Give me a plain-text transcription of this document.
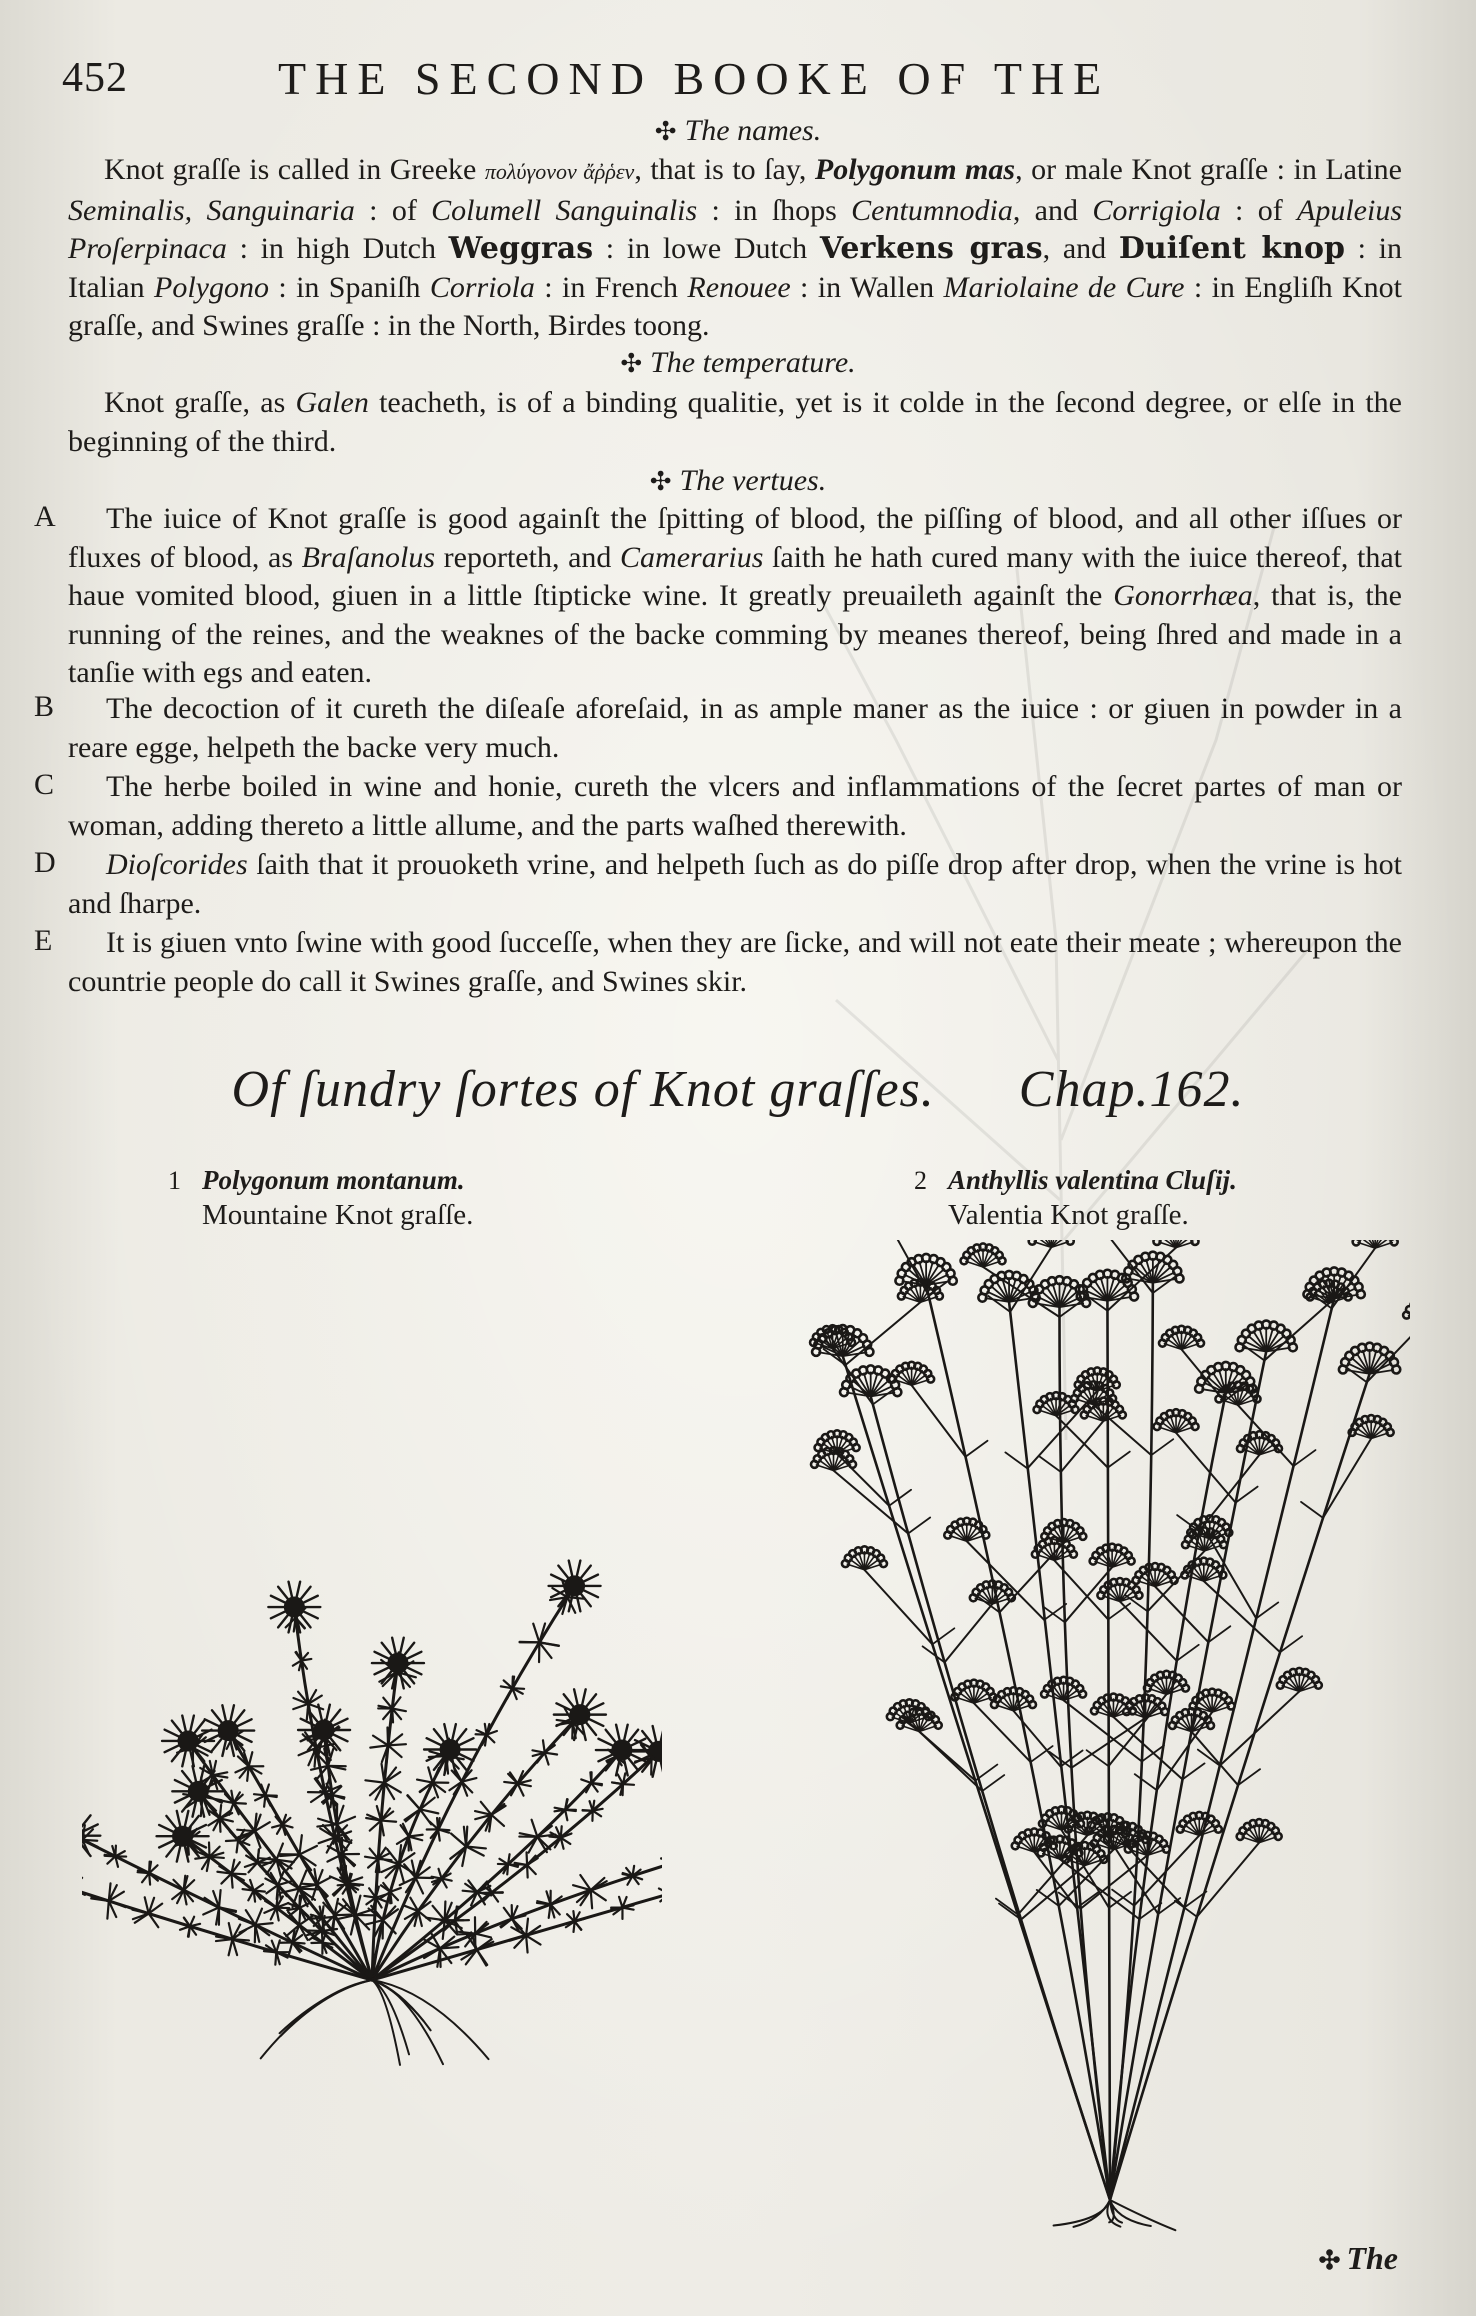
452	THE SECOND BOOKE OF THE
✣ The names.
Knot graſſe is called in Greeke πολύγονον ἄῤῥεν, that is to ſay, Polygonum mas, or male Knot graſſe : in Latine Seminalis, Sanguinaria : of Columell Sanguinalis : in ſhops Centumnodia, and Corrigiola : of Apuleius Proſerpinaca : in high Dutch Weggras : in lowe Dutch Verkens gras, and Duiſent knop : in Italian Polygono : in Spaniſh Corriola : in French Renouee : in Wallen Mariolaine de Cure : in Engliſh Knot graſſe, and Swines graſſe : in the North, Birdes toong.
✣ The temperature.
Knot graſſe, as Galen teacheth, is of a binding qualitie, yet is it colde in the ſecond degree, or elſe in the beginning of the third.
✣ The vertues.
A	The iuice of Knot graſſe is good againſt the ſpitting of blood, the piſſing of blood, and all other iſſues or fluxes of blood, as Braſanolus reporteth, and Camerarius ſaith he hath cured many with the iuice thereof, that haue vomited blood, giuen in a little ſtipticke wine. It greatly preuaileth againſt the Gonorrhæa, that is, the running of the reines, and the weaknes of the backe comming by meanes thereof, being ſhred and made in a tanſie with egs and eaten.
B	The decoction of it cureth the diſeaſe aforeſaid, in as ample maner as the iuice : or giuen in powder in a reare egge, helpeth the backe very much.
C	The herbe boiled in wine and honie, cureth the vlcers and inflammations of the ſecret partes of man or woman, adding thereto a little allume, and the parts waſhed therewith.
D	Dioſcorides ſaith that it prouoketh vrine, and helpeth ſuch as do piſſe drop after drop, when the vrine is hot and ſharpe.
E	It is giuen vnto ſwine with good ſucceſſe, when they are ſicke, and will not eate their meate ; whereupon the countrie people do call it Swines graſſe, and Swines skir.
Of ſundry ſortes of Knot graſſes. Chap.162.
1 Polygonum montanum.
Mountaine Knot graſſe.
2 Anthyllis valentina Cluſij.
Valentia Knot graſſe.
✣ The
